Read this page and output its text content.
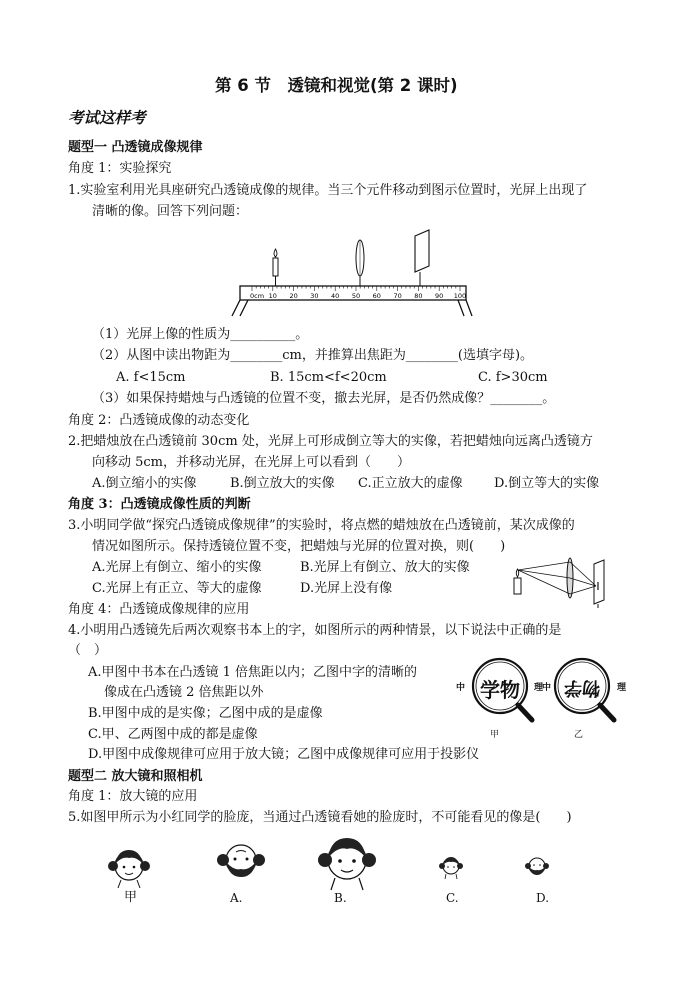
第 6 节　透镜和视觉(第 2 课时)
考试这样考
题型一 凸透镜成像规律
角度 1：实验探究
1.实验室利用光具座研究凸透镜成像的规律。当三个元件移动到图示位置时，光屏上出现了
清晰的像。回答下列问题：
0cm 10 20 30 40 50 60 70 80 90 100
（1）光屏上像的性质为__________。
（2）从图中读出物距为________cm，并推算出焦距为________(选填字母)。
A. f<15cm	B. 15cm<f<20cm	C. f>30cm
（3）如果保持蜡烛与凸透镜的位置不变，撤去光屏，是否仍然成像？________。
角度 2：凸透镜成像的动态变化
2.把蜡烛放在凸透镜前 30cm 处，光屏上可形成倒立等大的实像，若把蜡烛向远离凸透镜方
向移动 5cm，并移动光屏，在光屏上可以看到（　　）
A.倒立缩小的实像	B.倒立放大的实像 C.正立放大的虚像 D.倒立等大的实像
角度 3：凸透镜成像性质的判断
3.小明同学做“探究凸透镜成像规律”的实验时，将点燃的蜡烛放在凸透镜前，某次成像的
情况如图所示。保持透镜位置不变，把蜡烛与光屏的位置对换，则(　　)
A.光屏上有倒立、缩小的实像	B.光屏上有倒立、放大的实像
C.光屏上有正立、等大的虚像	D.光屏上没有像
角度 4：凸透镜成像规律的应用
4.小明用凸透镜先后两次观察书本上的字，如图所示的两种情景，以下说法中正确的是
（　）
A.甲图中书本在凸透镜 1 倍焦距以内；乙图中字的清晰的
像成在凸透镜 2 倍焦距以外
B.甲图中成的是实像；乙图中成的是虚像
C.甲、乙两图中成的都是虚像
D.甲图中成像规律可应用于放大镜；乙图中成像规律可应用于投影仪
学物 物学
中	理
中	理
甲	乙
题型二 放大镜和照相机
角度 1：放大镜的应用
5.如图甲所示为小红同学的脸庞，当通过凸透镜看她的脸庞时，不可能看见的像是(　　)
甲	A.	B.	C.	D.
